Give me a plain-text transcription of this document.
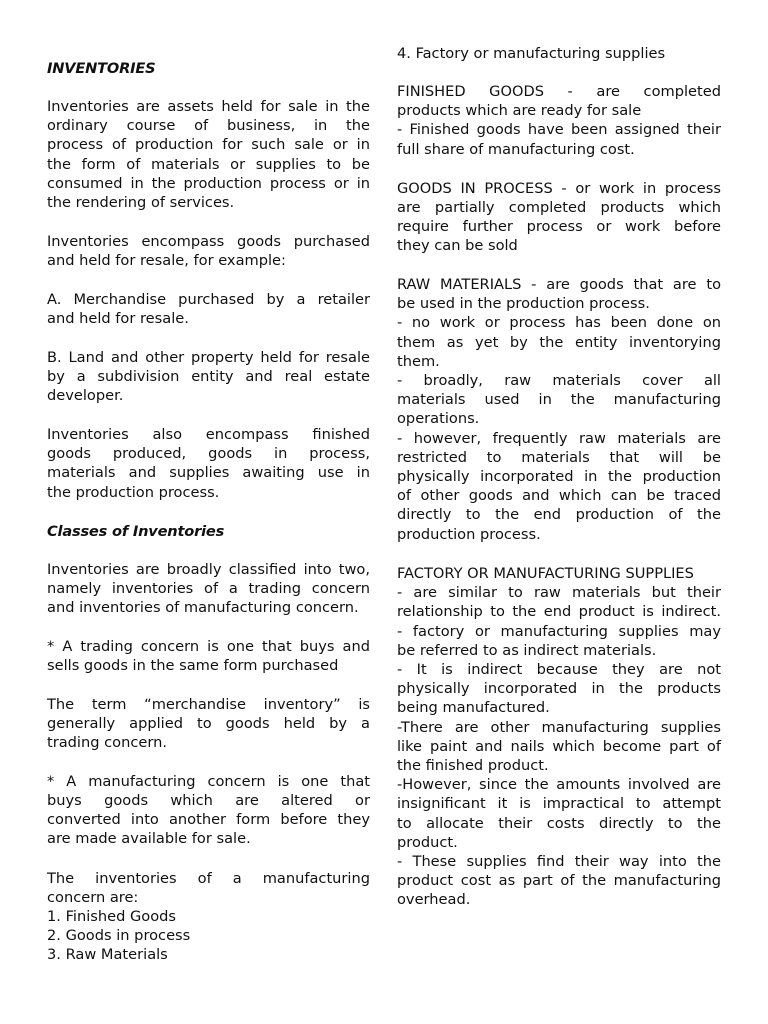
INVENTORIES
Inventories are assets held for sale in the
ordinary course of business, in the
process of production for such sale or in
the form of materials or supplies to be
consumed in the production process or in
the rendering of services.
Inventories encompass goods purchased
and held for resale, for example:
A. Merchandise purchased by a retailer
and held for resale.
B. Land and other property held for resale
by a subdivision entity and real estate
developer.
Inventories also encompass finished
goods produced, goods in process,
materials and supplies awaiting use in
the production process.
Classes of Inventories
Inventories are broadly classified into two,
namely inventories of a trading concern
and inventories of manufacturing concern.
* A trading concern is one that buys and
sells goods in the same form purchased
The term “merchandise inventory” is
generally applied to goods held by a
trading concern.
* A manufacturing concern is one that
buys goods which are altered or
converted into another form before they
are made available for sale.
The inventories of a manufacturing
concern are:
1. Finished Goods
2. Goods in process
3. Raw Materials
4. Factory or manufacturing supplies
FINISHED GOODS - are completed
products which are ready for sale
- Finished goods have been assigned their
full share of manufacturing cost.
GOODS IN PROCESS - or work in process
are partially completed products which
require further process or work before
they can be sold
RAW MATERIALS - are goods that are to
be used in the production process.
- no work or process has been done on
them as yet by the entity inventorying
them.
- broadly, raw materials cover all
materials used in the manufacturing
operations.
- however, frequently raw materials are
restricted to materials that will be
physically incorporated in the production
of other goods and which can be traced
directly to the end production of the
production process.
FACTORY OR MANUFACTURING SUPPLIES
- are similar to raw materials but their
relationship to the end product is indirect.
- factory or manufacturing supplies may
be referred to as indirect materials.
- It is indirect because they are not
physically incorporated in the products
being manufactured.
-There are other manufacturing supplies
like paint and nails which become part of
the finished product.
-However, since the amounts involved are
insignificant it is impractical to attempt
to allocate their costs directly to the
product.
- These supplies find their way into the
product cost as part of the manufacturing
overhead.
